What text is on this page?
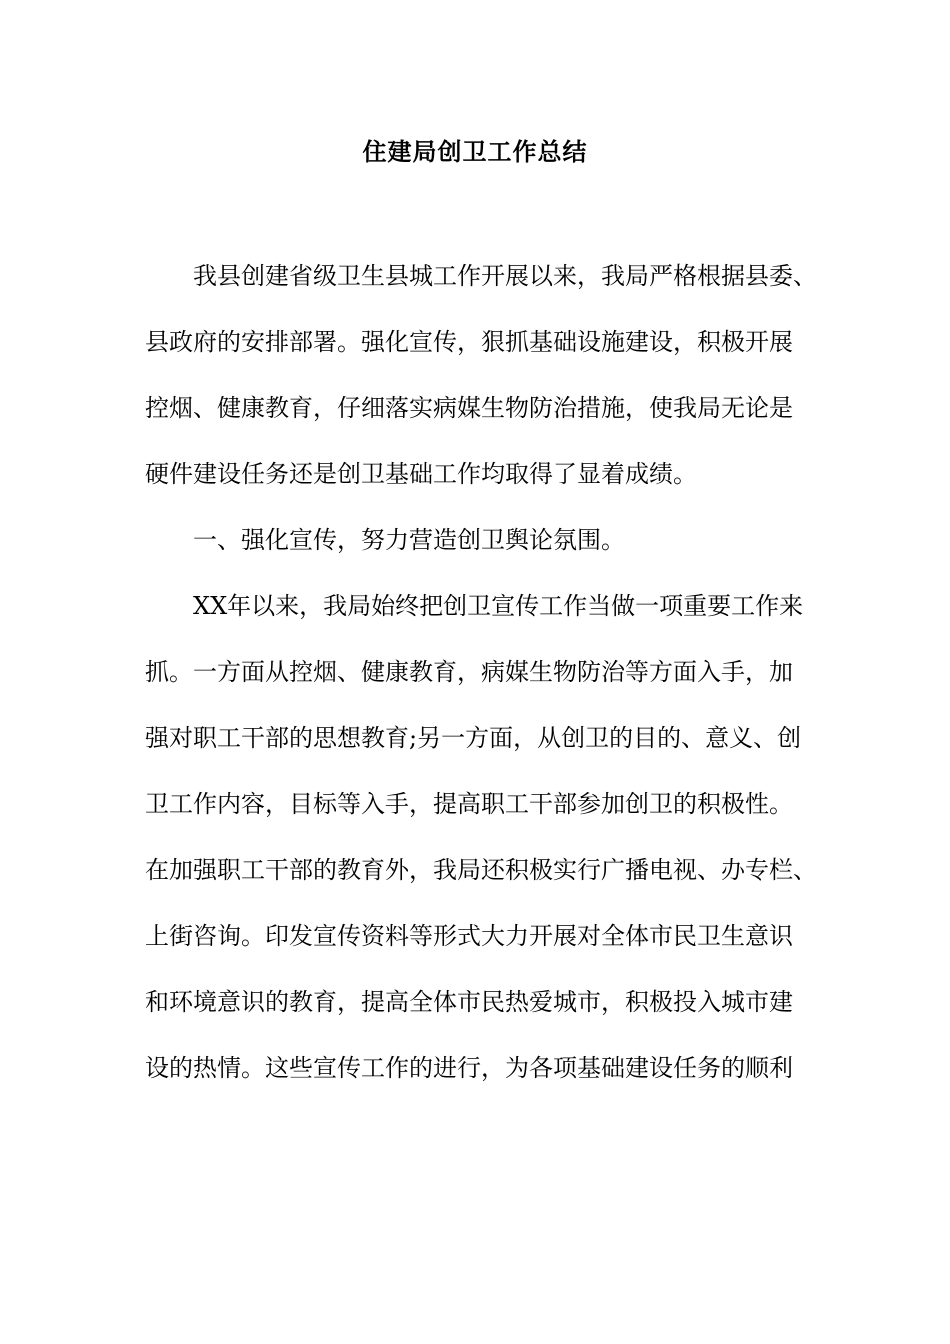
住建局创卫工作总结
我县创建省级卫生县城工作开展以来，我局严格根据县委、
县政府的安排部署。强化宣传，狠抓基础设施建设，积极开展
控烟、健康教育，仔细落实病媒生物防治措施，使我局无论是
硬件建设任务还是创卫基础工作均取得了显着成绩。
一、强化宣传，努力营造创卫舆论氛围。
XX年以来，我局始终把创卫宣传工作当做一项重要工作来
抓。一方面从控烟、健康教育，病媒生物防治等方面入手，加
强对职工干部的思想教育;另一方面，从创卫的目的、意义、创
卫工作内容，目标等入手，提高职工干部参加创卫的积极性。
在加强职工干部的教育外，我局还积极实行广播电视、办专栏、
上街咨询。印发宣传资料等形式大力开展对全体市民卫生意识
和环境意识的教育，提高全体市民热爱城市，积极投入城市建
设的热情。这些宣传工作的进行，为各项基础建设任务的顺利
